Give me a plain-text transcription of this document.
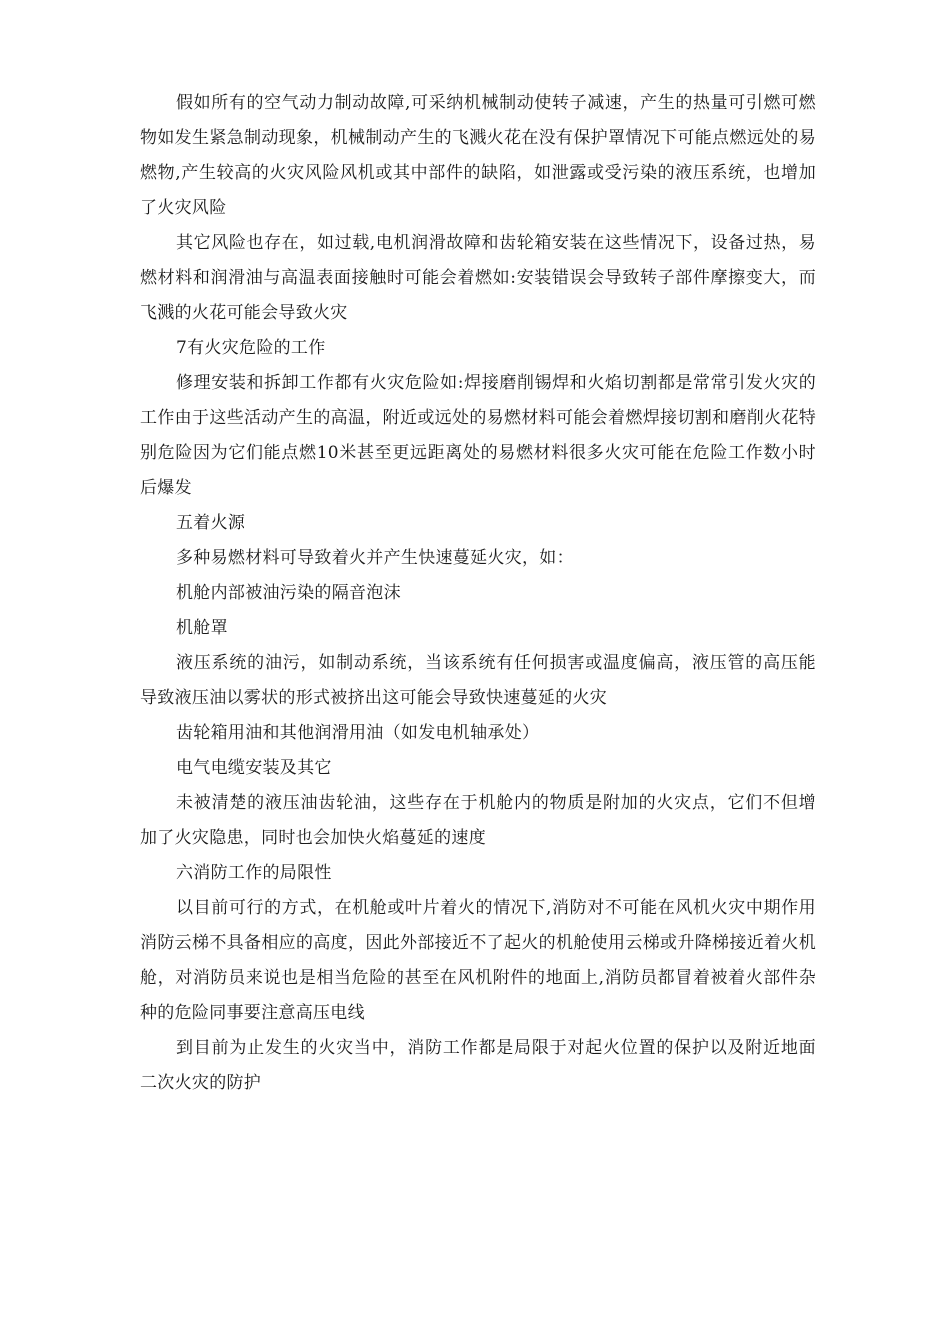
假如所有的空气动力制动故障,可采纳机械制动使转子减速，产生的热量可引燃可燃物如发生紧急制动现象，机械制动产生的飞溅火花在没有保护罩情况下可能点燃远处的易燃物,产生较高的火灾风险风机或其中部件的缺陷，如泄露或受污染的液压系统，也增加了火灾风险

其它风险也存在，如过载,电机润滑故障和齿轮箱安装在这些情况下，设备过热，易燃材料和润滑油与高温表面接触时可能会着燃如:安装错误会导致转子部件摩擦变大，而飞溅的火花可能会导致火灾

7有火灾危险的工作

修理安装和拆卸工作都有火灾危险如:焊接磨削锡焊和火焰切割都是常常引发火灾的工作由于这些活动产生的高温，附近或远处的易燃材料可能会着燃焊接切割和磨削火花特别危险因为它们能点燃10米甚至更远距离处的易燃材料很多火灾可能在危险工作数小时后爆发

五着火源

多种易燃材料可导致着火并产生快速蔓延火灾，如：

机舱内部被油污染的隔音泡沫

机舱罩

液压系统的油污，如制动系统，当该系统有任何损害或温度偏高，液压管的高压能导致液压油以雾状的形式被挤出这可能会导致快速蔓延的火灾

齿轮箱用油和其他润滑用油（如发电机轴承处）

电气电缆安装及其它

未被清楚的液压油齿轮油，这些存在于机舱内的物质是附加的火灾点，它们不但增加了火灾隐患，同时也会加快火焰蔓延的速度

六消防工作的局限性

以目前可行的方式，在机舱或叶片着火的情况下,消防对不可能在风机火灾中期作用消防云梯不具备相应的高度，因此外部接近不了起火的机舱使用云梯或升降梯接近着火机舱，对消防员来说也是相当危险的甚至在风机附件的地面上,消防员都冒着被着火部件杂种的危险同事要注意高压电线

到目前为止发生的火灾当中，消防工作都是局限于对起火位置的保护以及附近地面二次火灾的防护
